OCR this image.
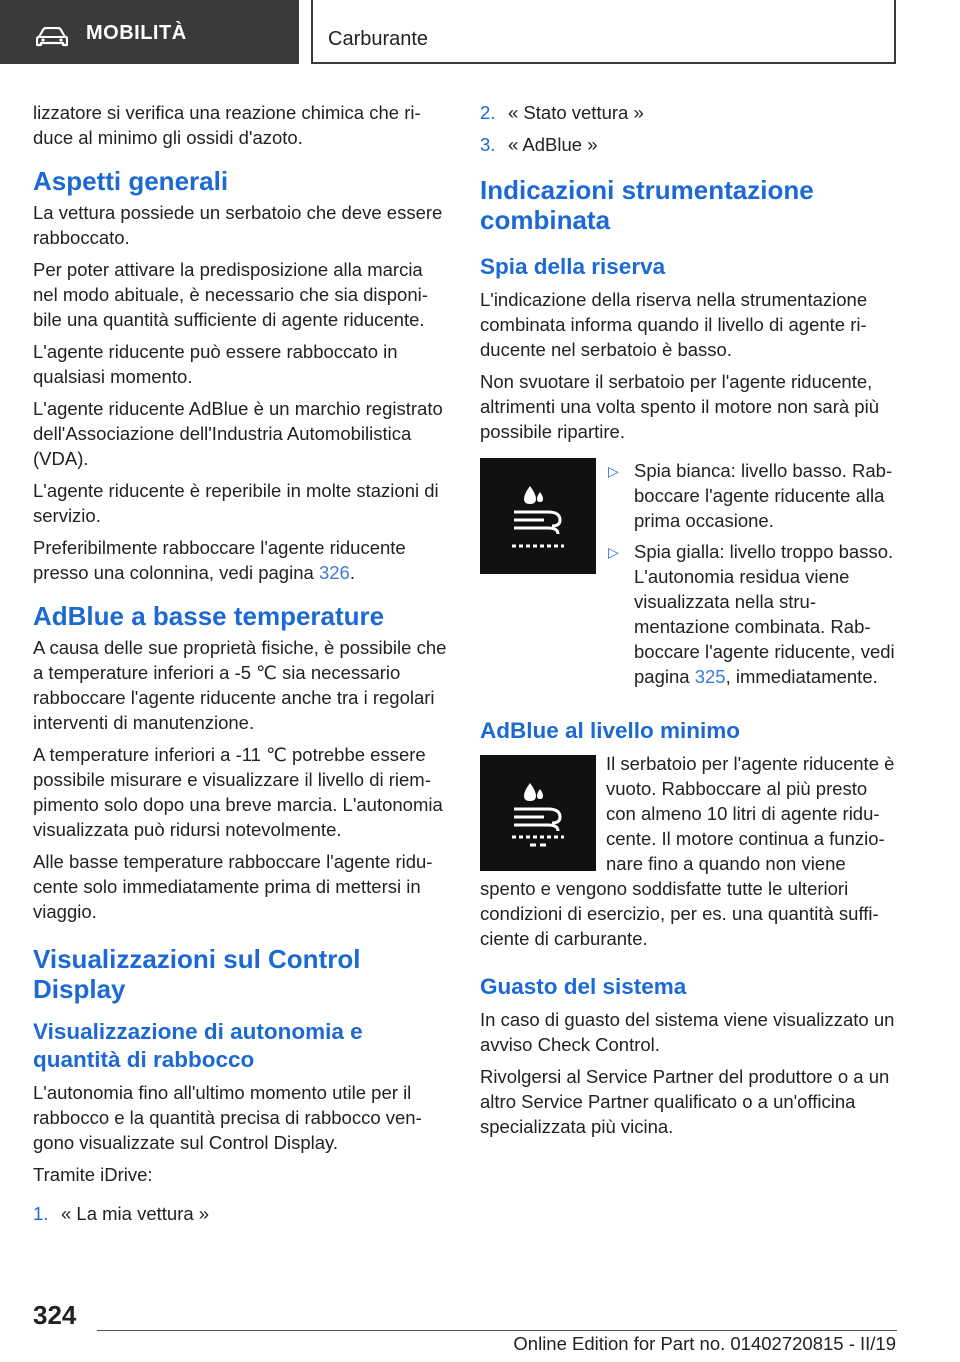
MOBILITÀ	Carburante

lizzatore si verifica una reazione chimica che riduce al minimo gli ossidi d'azoto.

Aspetti generali

La vettura possiede un serbatoio che deve essere rabboccato.

Per poter attivare la predisposizione alla marcia nel modo abituale, è necessario che sia disponibile una quantità sufficiente di agente riducente.

L'agente riducente può essere rabboccato in qualsiasi momento.

L'agente riducente AdBlue è un marchio registrato dell'Associazione dell'Industria Automobilistica (VDA).

L'agente riducente è reperibile in molte stazioni di servizio.

Preferibilmente rabboccare l'agente riducente presso una colonnina, vedi pagina 326.

AdBlue a basse temperature

A causa delle sue proprietà fisiche, è possibile che a temperature inferiori a -5 ℃ sia necessario rabboccare l'agente riducente anche tra i regolari interventi di manutenzione.

A temperature inferiori a -11 ℃ potrebbe essere possibile misurare e visualizzare il livello di riempimento solo dopo una breve marcia. L'autonomia visualizzata può ridursi notevolmente.

Alle basse temperature rabboccare l'agente riducente solo immediatamente prima di mettersi in viaggio.

Visualizzazioni sul Control Display
Visualizzazione di autonomia e quantità di rabbocco

L'autonomia fino all'ultimo momento utile per il rabbocco e la quantità precisa di rabbocco vengono visualizzate sul Control Display.

Tramite iDrive:

1. « La mia vettura »
2. « Stato vettura »
3. « AdBlue »
Indicazioni strumentazione combinata
Spia della riserva

L'indicazione della riserva nella strumentazione combinata informa quando il livello di agente riducente nel serbatoio è basso.

Non svuotare il serbatoio per l'agente riducente, altrimenti una volta spento il motore non sarà più possibile ripartire.

▷ Spia bianca: livello basso. Rabboccare l'agente riducente alla prima occasione.
▷ Spia gialla: livello troppo basso. L'autonomia residua viene visualizzata nella strumentazione combinata. Rabboccare l'agente riducente, vedi pagina 325, immediatamente.
AdBlue al livello minimo

Il serbatoio per l'agente riducente è vuoto. Rabboccare al più presto con almeno 10 litri di agente riducente. Il motore continua a funzionare fino a quando non viene spento e vengono soddisfatte tutte le ulteriori condizioni di esercizio, per es. una quantità sufficiente di carburante.

Guasto del sistema

In caso di guasto del sistema viene visualizzato un avviso Check Control.

Rivolgersi al Service Partner del produttore o a un altro Service Partner qualificato o a un'officina specializzata più vicina.

324
Online Edition for Part no. 01402720815 - II/19
